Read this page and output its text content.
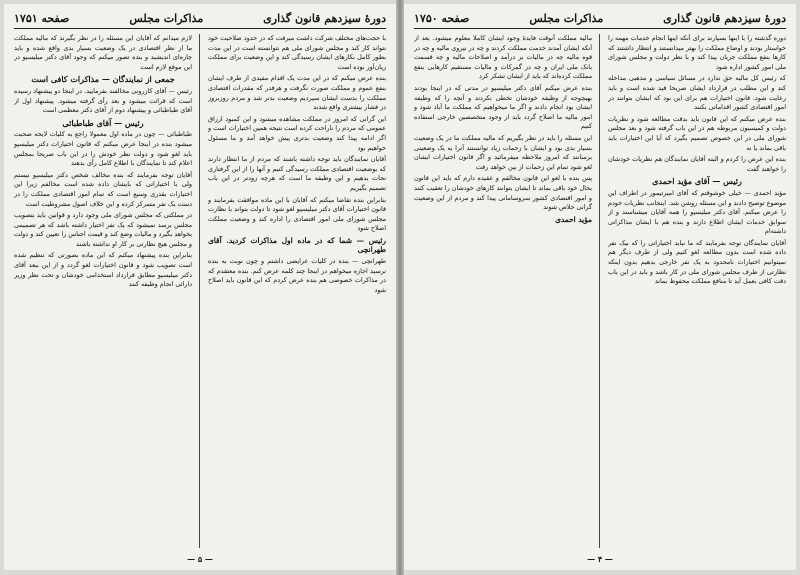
دورهٔ سیزدهم قانون گذاری
مذاکرات مجلس
صفحه ۱۷۵۱

با حجت‌های مختلف شرکت داشت میرفت که در حدود صلاحیت خود نتواند کار کند و مجلس شورای ملی هم نتوانسته است در این مدت بطور کامل بکارهای ایشان رسیدگی کند و این وضعیت برای مملکت زیان‌آور بوده است

بنده عرض میکنم که در این مدت یک اقدام مفیدی از طرف ایشان بنفع عموم و مملکت صورت نگرفت و هرقدر که مقدرات اقتصادی مملکت را بدست ایشان سپردیم وضعیت بدتر شد و مردم روزبروز در فشار بیشتری واقع شدند

این گرانی که امروز در مملکت مشاهده میشود و این کمبود ارزاق عمومی که مردم را ناراحت کرده است نتیجه همین اختیارات است و اگر ادامه پیدا کند وضعیت بدتری پیش خواهد آمد و ما مسئول خواهیم بود

آقایان نمایندگان باید توجه داشته باشند که مردم از ما انتظار دارند که بوضعیت اقتصادی مملکت رسیدگی کنیم و آنها را از این گرفتاری نجات بدهیم و این وظیفه ما است که هرچه زودتر در این باب تصمیم بگیریم

بنابراین بنده تقاضا میکنم که آقایان با این ماده موافقت بفرمایند و قانون اختیارات آقای دکتر میلیسپو لغو شود تا دولت بتواند با نظارت مجلس شورای ملی امور اقتصادی را اداره کند و وضعیت مملکت اصلاح شود

رئیس — شما که در ماده اول مذاکرات کردید. آقای طهرانچی

طهرانچی — بنده در کلیات عرایضی داشتم و چون نوبت به بنده نرسید اجازه میخواهم در اینجا چند کلمه عرض کنم. بنده معتقدم که در مذاکرات خصوصی هم بنده عرض کردم که این قانون باید اصلاح شود

لازم میدانم که آقایان این مسئله را در نظر بگیرند که مالیه مملکت ما از نظر اقتصادی در یک وضعیت بسیار بدی واقع شده و باید چاره‌ای اندیشید و بنده تصور میکنم که وجود آقای دکتر میلیسپو در این موقع لازم است

جمعی از نمایندگان — مذاکرات کافی است

رئیس — آقای کازرونی مخالفند بفرمایید. در اینجا دو پیشنهاد رسیده است که قرائت میشود و بعد رأی گرفته میشود. پیشنهاد اول از آقای طباطبائی و پیشنهاد دوم از آقای دکتر معظمی است

رئیس — آقای طباطبائی

طباطبائی — چون در ماده اول معمولا راجع به کلیات لایحه صحبت میشود بنده در اینجا عرض میکنم که قانون اختیارات دکتر میلیسپو باید لغو شود و دولت نظر خودش را در این باب صریحا بمجلس اعلام کند تا نمایندگان با اطلاع کامل رأی بدهند

آقایان توجه بفرمایند که بنده مخالف شخص دکتر میلیسپو نیستم ولی با اختیاراتی که بایشان داده شده است مخالفم زیرا این اختیارات بقدری وسیع است که تمام امور اقتصادی مملکت را در دست یک نفر متمرکز کرده و این خلاف اصول مشروطیت است

در مملکتی که مجلس شورای ملی وجود دارد و قوانین باید بتصویب مجلس برسد نمیشود که یک نفر اختیار داشته باشد که هر تصمیمی بخواهد بگیرد و مالیات وضع کند و قیمت اجناس را تعیین کند و دولت و مجلس هیچ نظارتی بر کار او نداشته باشند

بنابراین بنده پیشنهاد میکنم که این ماده بصورتی که تنظیم شده است تصویب شود و قانون اختیارات لغو گردد و از این ببعد آقای دکتر میلیسپو مطابق قرارداد استخدامی خودشان و تحت نظر وزیر دارائی انجام وظیفه کنند

— ۵ —
دورهٔ سیزدهم قانون گذاری
مذاکرات مجلس
صفحه ۱۷۵۰

دوره گذشته را با اینها بسپارند برای آنکه اینها انجام خدمات مهمه را خواستار بودند و اوضاع مملکت را بهتر میدانستند و انتظار داشتند که کارها بنفع مملکت جریان پیدا کند و با نظر دولت و مجلس شورای ملی امور کشور اداره شود

که رئیس کل مالیه حق ندارد در مسائل سیاسی و مذهبی مداخله کند و این مطلب در قرارداد ایشان صریحا قید شده است و باید رعایت شود. قانون اختیارات هم برای این بود که ایشان بتوانند در امور اقتصادی کشور اقداماتی بکنند

بنده عرض میکنم که این قانون باید بدقت مطالعه شود و نظریات دولت و کمیسیون مربوطه هم در این باب گرفته شود و بعد مجلس شورای ملی در این خصوص تصمیم بگیرد که آیا این اختیارات باید باقی بماند یا نه

بنده این عرض را کردم و البته آقایان نمایندگان هم نظریات خودشان را خواهند گفت

رئیس — آقای مؤید احمدی

مؤید احمدی — خیلی خوشوقتم که آقای امیرتیمور در اطراف این موضوع توضیح دادند و این مسئله روشن شد. اینجانب نظریات خودم را عرض میکنم. آقای دکتر میلیسپو را همه آقایان میشناسند و از سوابق خدمات ایشان اطلاع دارند و بنده هم با ایشان مذاکراتی داشته‌ام

آقایان نمایندگان توجه بفرمایند که ما نباید اختیاراتی را که بیک نفر داده شده است بدون مطالعه لغو کنیم ولی از طرف دیگر هم نمیتوانیم اختیارات نامحدود به یک نفر خارجی بدهیم بدون اینکه نظارتی از طرف مجلس شورای ملی در کار باشد و باید در این باب دقت کافی بعمل آید تا منافع مملکت محفوظ بماند

مالیه مملکت آنوقت فایدهٔ وجود ایشان کاملا معلوم میشود. بعد از آنکه ایشان آمدند خدمت مملکت کردند و چه در نیروی مالیه و چه در قوه مالیه چه در مالیات بر درآمد و اصلاحات مالیه و چه قسمت بانک ملی ایران و چه در گمرکات و مالیات مستقیم کارهایی بنفع مملکت کرده‌اند که باید از ایشان تشکر کرد

بنده عرض میکنم آقای دکتر میلیسپو در مدتی که در اینجا بودند بهیچوجه از وظیفه خودشان تخطی نکردند و آنچه را که وظیفه ایشان بود انجام دادند و اگر ما میخواهیم که مملکت ما آباد شود و امور مالیه ما اصلاح گردد باید از وجود متخصصین خارجی استفاده کنیم

این مسئله را باید در نظر بگیریم که مالیه مملکت ما در یک وضعیت بسیار بدی بود و ایشان با زحمات زیاد توانستند آنرا به یک وضعیتی برسانند که امروز ملاحظه میفرمائید و اگر قانون اختیارات ایشان لغو شود تمام این زحمات از بین خواهد رفت

پس بنده با لغو این قانون مخالفم و عقیده دارم که باید این قانون بحال خود باقی بماند تا ایشان بتوانند کارهای خودشان را تعقیب کنند و امور اقتصادی کشور سروسامانی پیدا کند و مردم از این وضعیت گرانی خلاص شوند

مؤید احمدی

— ۴ —
